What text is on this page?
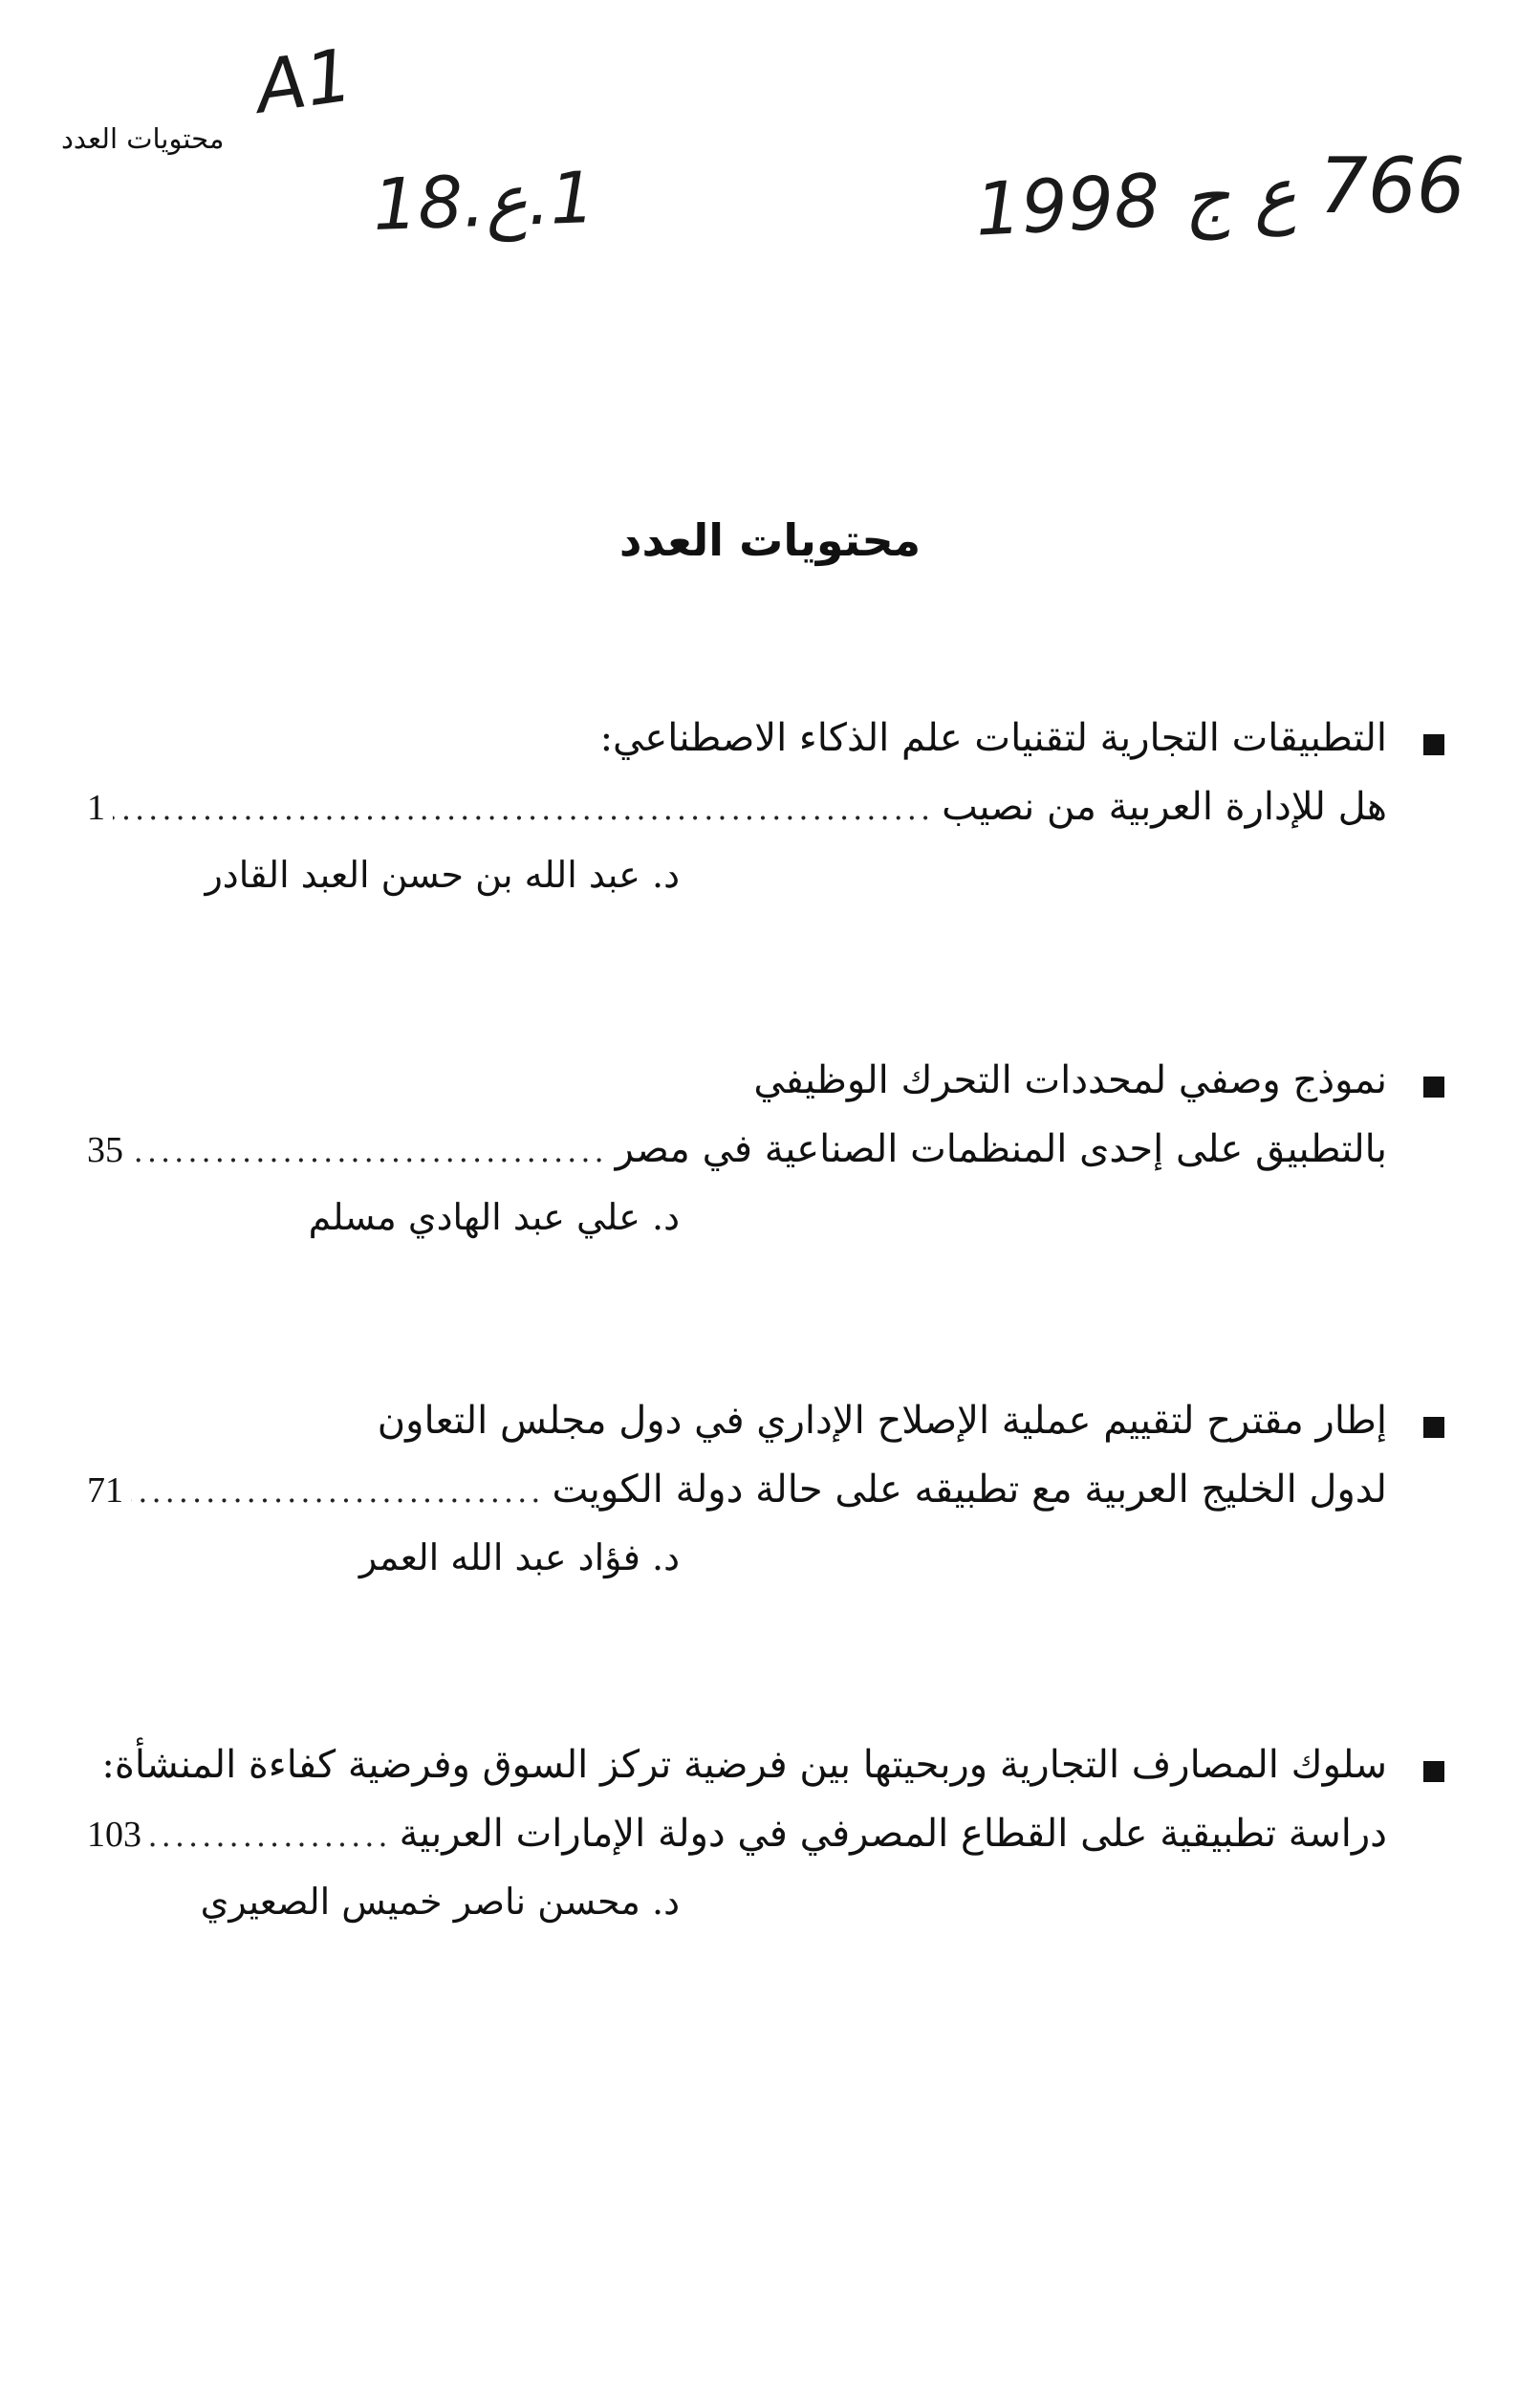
محتويات العدد
A1
1.ع.18	ع ج 1998 766
محتويات العدد
التطبيقات التجارية لتقنيات علم الذكاء الاصطناعي:
هل للإدارة العربية من نصيب
.....
1
د. عبد الله بن حسن العبد القادر
نموذج وصفي لمحددات التحرك الوظيفي
بالتطبيق على إحدى المنظمات الصناعية في مصر
.....
35
د. علي عبد الهادي مسلم
إطار مقترح لتقييم عملية الإصلاح الإداري في دول مجلس التعاون
لدول الخليج العربية مع تطبيقه على حالة دولة الكويت
.....
71
د. فؤاد عبد الله العمر
سلوك المصارف التجارية وربحيتها بين فرضية تركز السوق وفرضية كفاءة المنشأة:
دراسة تطبيقية على القطاع المصرفي في دولة الإمارات العربية
.....
103
د. محسن ناصر خميس الصعيري
